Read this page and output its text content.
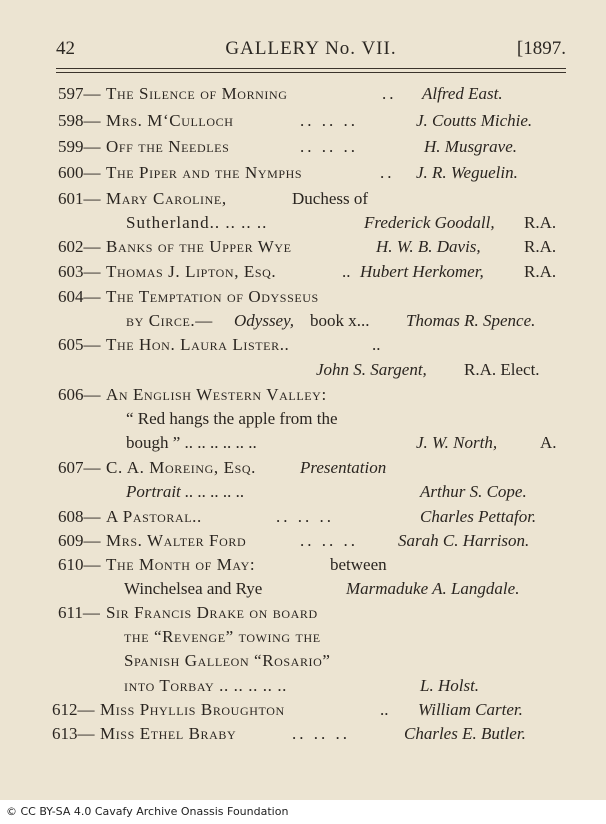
42	GALLERY No. VII.	[1897.
597— The Silence of Morning	.. Alfred East.
598— Mrs. M‘Culloch	.. .. ..	J. Coutts Michie.
599— Off the Needles	.. .. ..	H. Musgrave.
600— The Piper and the Nymphs	.. J. R. Weguelin.
601— Mary Caroline,	Duchess of
Sutherland.. .. .. ..	Frederick Goodall, R.A.
602— Banks of the Upper Wye	H. W. B. Davis,	R.A.
603— Thomas J. Lipton, Esq.	.. Hubert Herkomer, R.A.
604— The Temptation of Odysseus
by Circe.— Odyssey, book x... Thomas R. Spence.
605— The Hon. Laura Lister..	..
John S. Sargent, R.A. Elect.
606— An English Western Valley:
“ Red hangs the apple from the
bough ” .. .. .. .. .. ..	J. W. North,	A.
607— C. A. Moreing, Esq.	Presentation
Portrait .. .. .. .. ..	Arthur S. Cope.
608— A Pastoral..	.. .. ..	Charles Pettafor.
609— Mrs. Walter Ford	.. .. .. Sarah C. Harrison.
610— The Month of May:	between
Winchelsea and Rye	Marmaduke A. Langdale.
611— Sir Francis Drake on board
the “Revenge” towing the
Spanish Galleon “Rosario”
into Torbay .. .. .. .. ..	L. Holst.
612— Miss Phyllis Broughton	.. William Carter.
613— Miss Ethel Braby	.. .. ..	Charles E. Butler.
© CC BY-SA 4.0 Cavafy Archive Onassis Foundation
